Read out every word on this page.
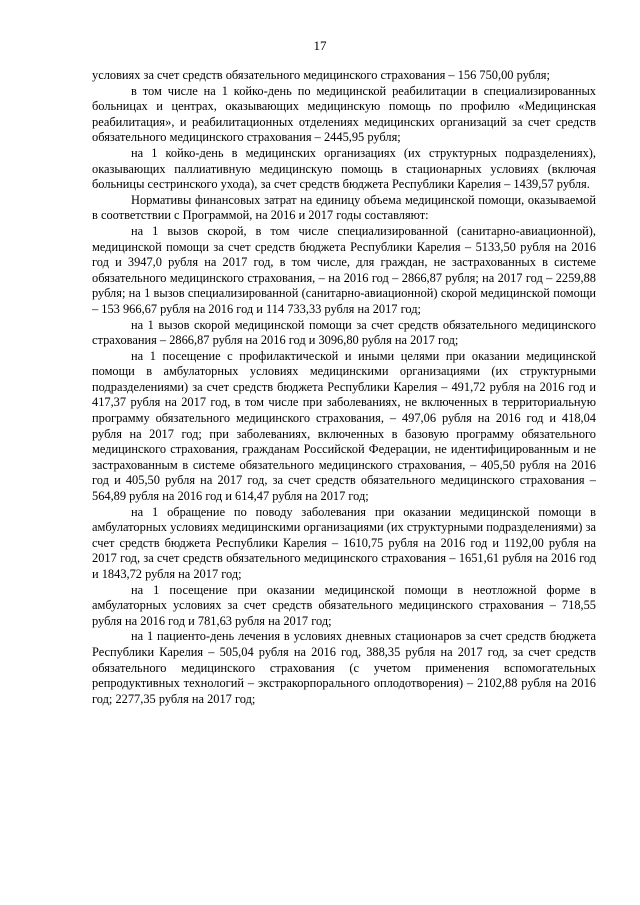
17

условиях за счет средств обязательного медицинского страхования – 156 750,00 рубля;

в том числе на 1 койко-день по медицинской реабилитации в специализированных больницах и центрах, оказывающих медицинскую помощь по профилю «Медицинская реабилитация», и реабилитационных отделениях медицинских организаций за счет средств обязательного медицинского страхования – 2445,95 рубля;

на 1 койко-день в медицинских организациях (их структурных подразделениях), оказывающих паллиативную медицинскую помощь в стационарных условиях (включая больницы сестринского ухода), за счет средств бюджета Республики Карелия – 1439,57 рубля.

Нормативы финансовых затрат на единицу объема медицинской помощи, оказываемой в соответствии с Программой, на 2016 и 2017 годы составляют:

на 1 вызов скорой, в том числе специализированной (санитарно-авиационной), медицинской помощи за счет средств бюджета Республики Карелия – 5133,50 рубля на 2016 год и 3947,0 рубля на 2017 год, в том числе, для граждан, не застрахованных в системе обязательного медицинского страхования, – на 2016 год – 2866,87 рубля; на 2017 год – 2259,88 рубля; на 1 вызов специализированной (санитарно-авиационной) скорой медицинской помощи – 153 966,67 рубля на 2016 год и 114 733,33 рубля на 2017 год;

на 1 вызов скорой медицинской помощи за счет средств обязательного медицинского страхования – 2866,87 рубля на 2016 год и 3096,80 рубля на 2017 год;

на 1 посещение с профилактической и иными целями при оказании медицинской помощи в амбулаторных условиях медицинскими организациями (их структурными подразделениями) за счет средств бюджета Республики Карелия – 491,72 рубля на 2016 год и 417,37 рубля на 2017 год, в том числе при заболеваниях, не включенных в территориальную программу обязательного медицинского страхования, – 497,06 рубля на 2016 год и 418,04 рубля на 2017 год; при заболеваниях, включенных в базовую программу обязательного медицинского страхования, гражданам Российской Федерации, не идентифицированным и не застрахованным в системе обязательного медицинского страхования, – 405,50 рубля на 2016 год и 405,50 рубля на 2017 год, за счет средств обязательного медицинского страхования – 564,89 рубля на 2016 год и 614,47 рубля на 2017 год;

на 1 обращение по поводу заболевания при оказании медицинской помощи в амбулаторных условиях медицинскими организациями (их структурными подразделениями) за счет средств бюджета Республики Карелия – 1610,75 рубля на 2016 год и 1192,00 рубля на 2017 год, за счет средств обязательного медицинского страхования – 1651,61 рубля на 2016 год и 1843,72 рубля на 2017 год;

на 1 посещение при оказании медицинской помощи в неотложной форме в амбулаторных условиях за счет средств обязательного медицинского страхования – 718,55 рубля на 2016 год и 781,63 рубля на 2017 год;

на 1 пациенто-день лечения в условиях дневных стационаров за счет средств бюджета Республики Карелия – 505,04 рубля на 2016 год, 388,35 рубля на 2017 год, за счет средств обязательного медицинского страхования (с учетом применения вспомогательных репродуктивных технологий – экстракорпорального оплодотворения) – 2102,88 рубля на 2016 год; 2277,35 рубля на 2017 год;
